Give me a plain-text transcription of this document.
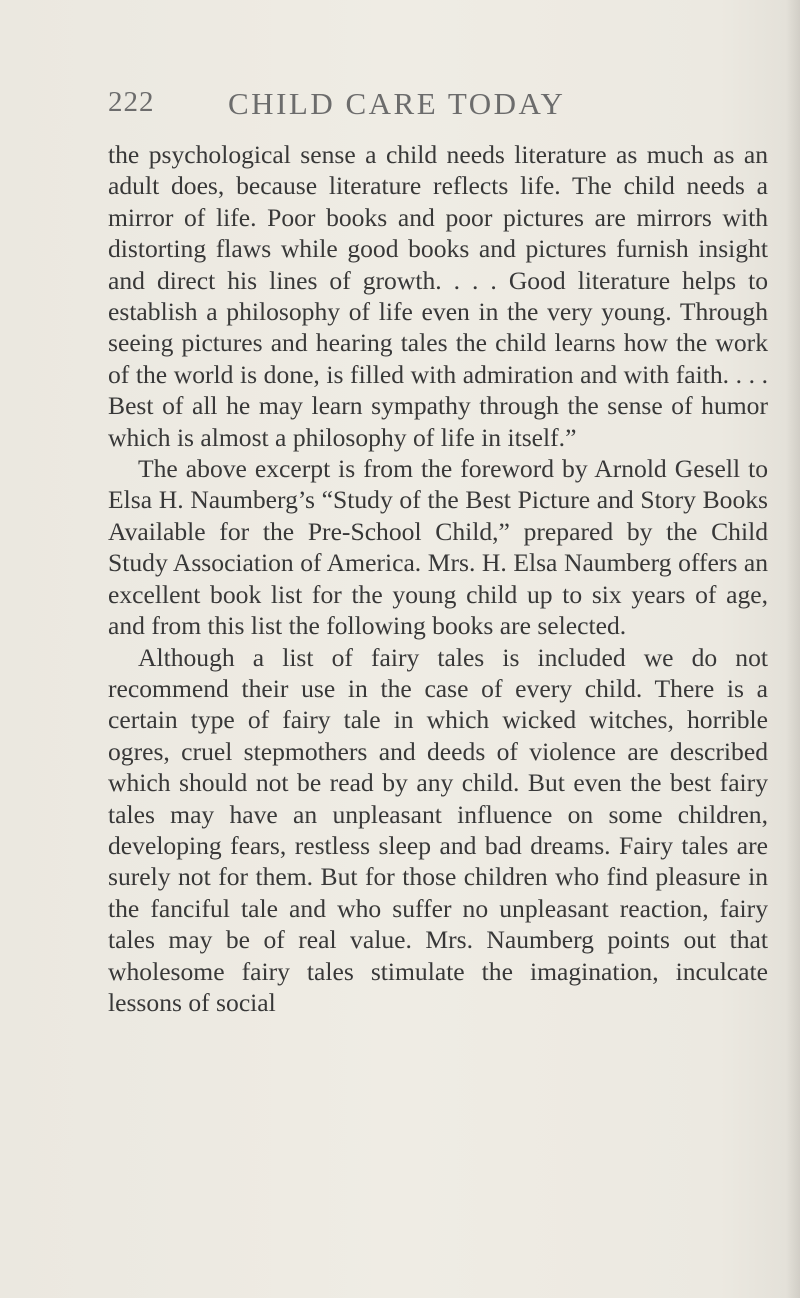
222 CHILD CARE TODAY

the psychological sense a child needs literature as much as an adult does, because literature reflects life. The child needs a mirror of life. Poor books and poor pictures are mirrors with distorting flaws while good books and pictures furnish insight and direct his lines of growth. . . . Good literature helps to establish a philosophy of life even in the very young. Through seeing pictures and hearing tales the child learns how the work of the world is done, is filled with admiration and with faith. . . . Best of all he may learn sympathy through the sense of humor which is almost a philosophy of life in itself.”

The above excerpt is from the foreword by Arnold Gesell to Elsa H. Naumberg’s “Study of the Best Picture and Story Books Available for the Pre-School Child,” prepared by the Child Study Association of America. Mrs. H. Elsa Naumberg offers an excellent book list for the young child up to six years of age, and from this list the following books are selected.

Although a list of fairy tales is included we do not recommend their use in the case of every child. There is a certain type of fairy tale in which wicked witches, horrible ogres, cruel stepmothers and deeds of violence are described which should not be read by any child. But even the best fairy tales may have an unpleasant influence on some children, developing fears, restless sleep and bad dreams. Fairy tales are surely not for them. But for those children who find pleasure in the fanciful tale and who suffer no unpleasant reaction, fairy tales may be of real value. Mrs. Naumberg points out that wholesome fairy tales stimulate the imagination, inculcate lessons of social
